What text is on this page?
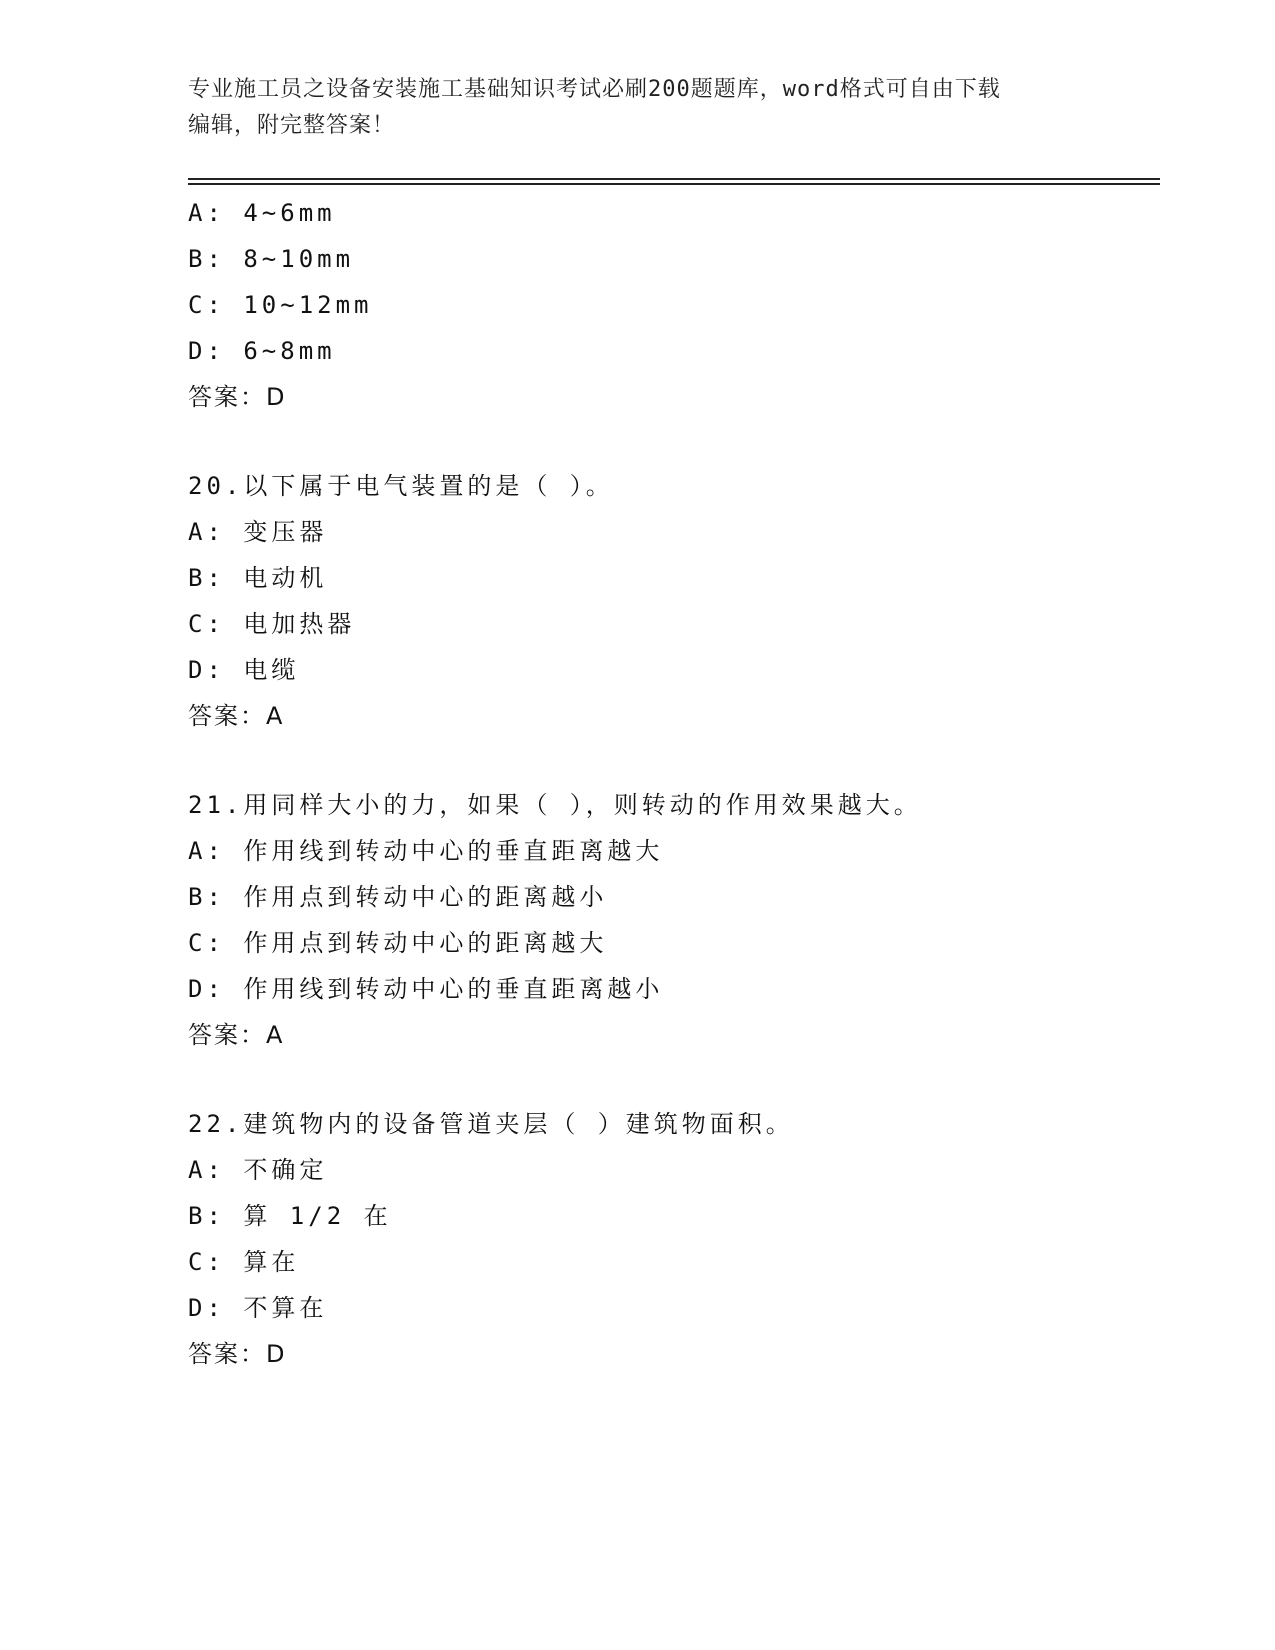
专业施工员之设备安装施工基础知识考试必刷200题题库，word格式可自由下载
编辑，附完整答案！
A: 4~6mm
B: 8~10mm
C: 10~12mm
D: 6~8mm
答案：D
20.以下属于电气装置的是（ ）。
A: 变压器
B: 电动机
C: 电加热器
D: 电缆
答案：A
21.用同样大小的力，如果（ ），则转动的作用效果越大。
A: 作用线到转动中心的垂直距离越大
B: 作用点到转动中心的距离越小
C: 作用点到转动中心的距离越大
D: 作用线到转动中心的垂直距离越小
答案：A
22.建筑物内的设备管道夹层（ ）建筑物面积。
A: 不确定
B: 算 1/2 在
C: 算在
D: 不算在
答案：D
